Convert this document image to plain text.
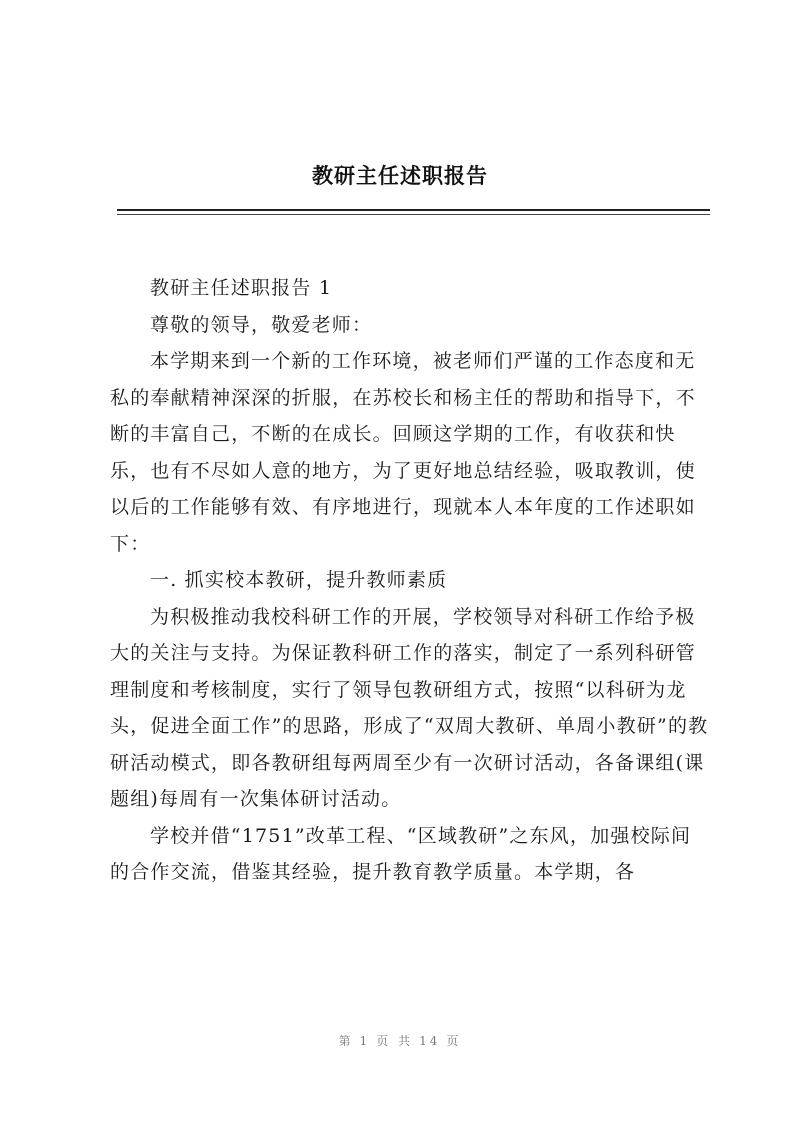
教研主任述职报告

教研主任述职报告 1

尊敬的领导，敬爱老师：

本学期来到一个新的工作环境，被老师们严谨的工作态度和无私的奉献精神深深的折服，在苏校长和杨主任的帮助和指导下，不断的丰富自己，不断的在成长。回顾这学期的工作，有收获和快乐，也有不尽如人意的地方，为了更好地总结经验，吸取教训，使以后的工作能够有效、有序地进行，现就本人本年度的工作述职如下：

一. 抓实校本教研，提升教师素质

为积极推动我校科研工作的开展，学校领导对科研工作给予极大的关注与支持。为保证教科研工作的落实，制定了一系列科研管理制度和考核制度，实行了领导包教研组方式，按照“以科研为龙头，促进全面工作”的思路，形成了“双周大教研、单周小教研”的教研活动模式，即各教研组每两周至少有一次研讨活动，各备课组(课题组)每周有一次集体研讨活动。

学校并借“1751”改革工程、“区域教研”之东风，加强校际间的合作交流，借鉴其经验，提升教育教学质量。本学期，各

第 1 页 共 14 页
